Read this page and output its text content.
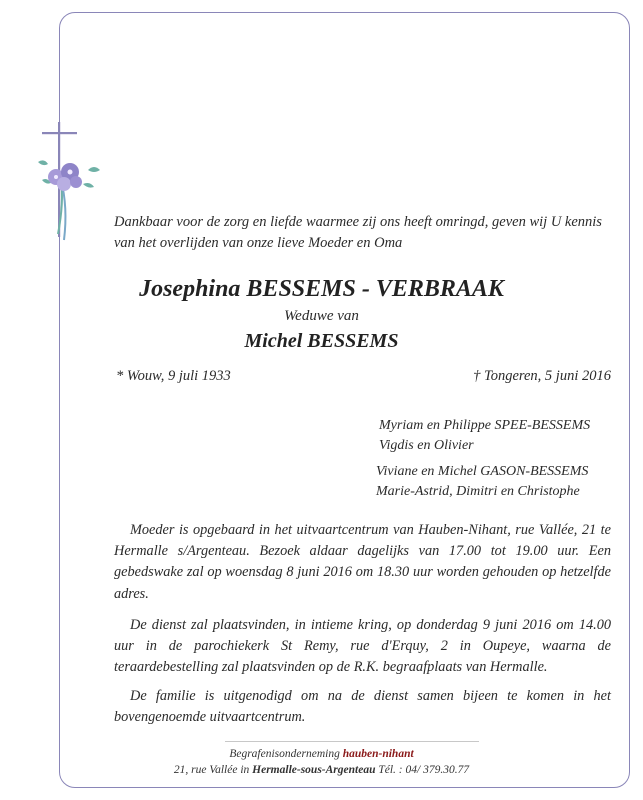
Dankbaar voor de zorg en liefde waarmee zij ons heeft omringd, geven wij U kennis
van het overlijden van onze lieve Moeder en Oma
Josephina BESSEMS - VERBRAAK
Weduwe van
Michel BESSEMS
* Wouw, 9 juli 1933	† Tongeren, 5 juni 2016
Myriam en Philippe SPEE-BESSEMS
Vigdis en Olivier
Viviane en Michel GASON-BESSEMS
Marie-Astrid, Dimitri en Christophe
Moeder is opgebaard in het uitvaartcentrum van Hauben-Nihant, rue Vallée, 21 te Hermalle s/Argenteau. Bezoek aldaar dagelijks van 17.00 tot 19.00 uur. Een gebedswake zal op woensdag 8 juni 2016 om 18.30 uur worden gehouden op hetzelfde adres.
De dienst zal plaatsvinden, in intieme kring, op donderdag 9 juni 2016 om 14.00 uur in de parochiekerk St Remy, rue d'Erquy, 2 in Oupeye, waarna de teraardebestelling zal plaatsvinden op de R.K. begraafplaats van Hermalle.
De familie is uitgenodigd om na de dienst samen bijeen te komen in het bovengenoemde uitvaartcentrum.
Begrafenisonderneming hauben-nihant
21, rue Vallée in Hermalle-sous-Argenteau Tél. : 04/ 379.30.77
